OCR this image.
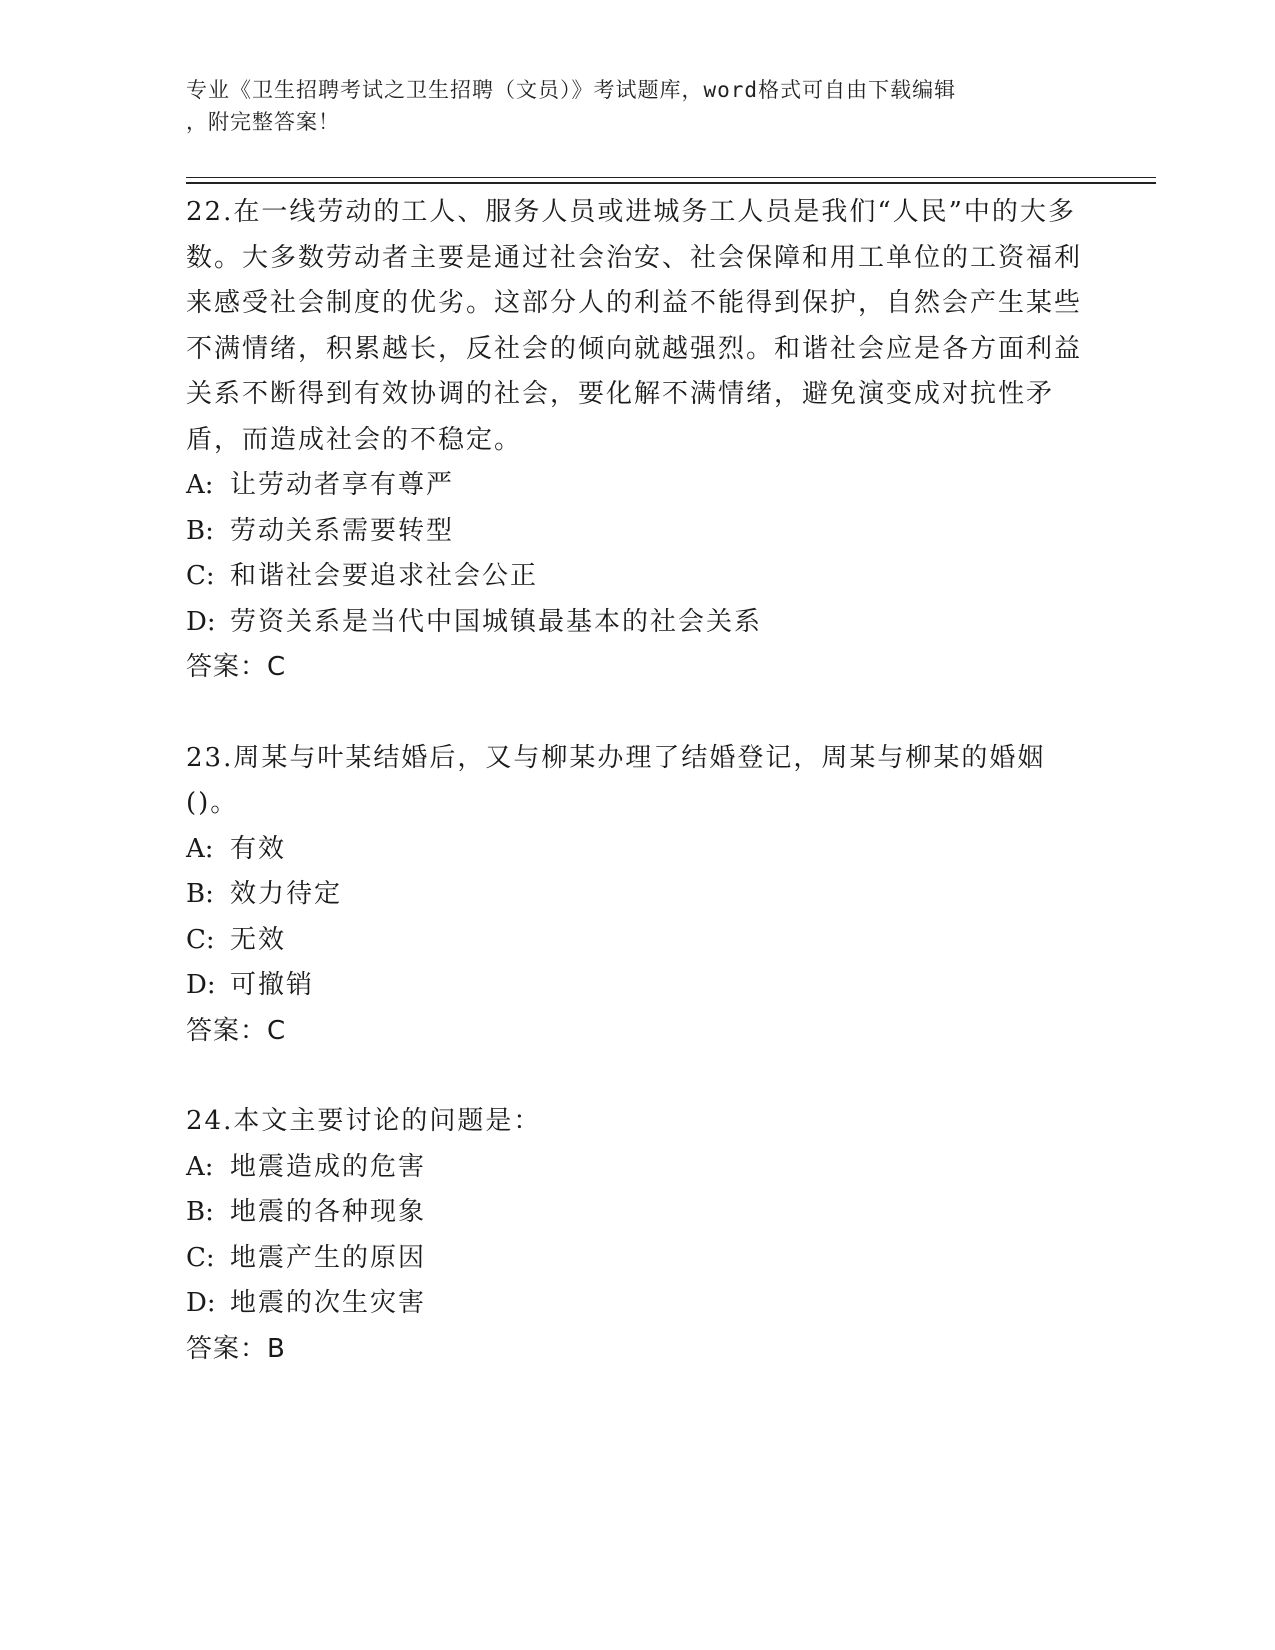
专业《卫生招聘考试之卫生招聘（文员）》考试题库，word格式可自由下载编辑
，附完整答案！

22.在一线劳动的工人、服务人员或进城务工人员是我们“人民”中的大多数。大多数劳动者主要是通过社会治安、社会保障和用工单位的工资福利来感受社会制度的优劣。这部分人的利益不能得到保护，自然会产生某些不满情绪，积累越长，反社会的倾向就越强烈。和谐社会应是各方面利益关系不断得到有效协调的社会，要化解不满情绪，避免演变成对抗性矛盾，而造成社会的不稳定。

A: 让劳动者享有尊严

B: 劳动关系需要转型

C: 和谐社会要追求社会公正

D: 劳资关系是当代中国城镇最基本的社会关系

答案：C

23.周某与叶某结婚后，又与柳某办理了结婚登记，周某与柳某的婚姻()。

A: 有效

B: 效力待定

C: 无效

D: 可撤销

答案：C

24.本文主要讨论的问题是：

A: 地震造成的危害

B: 地震的各种现象

C: 地震产生的原因

D: 地震的次生灾害

答案：B
